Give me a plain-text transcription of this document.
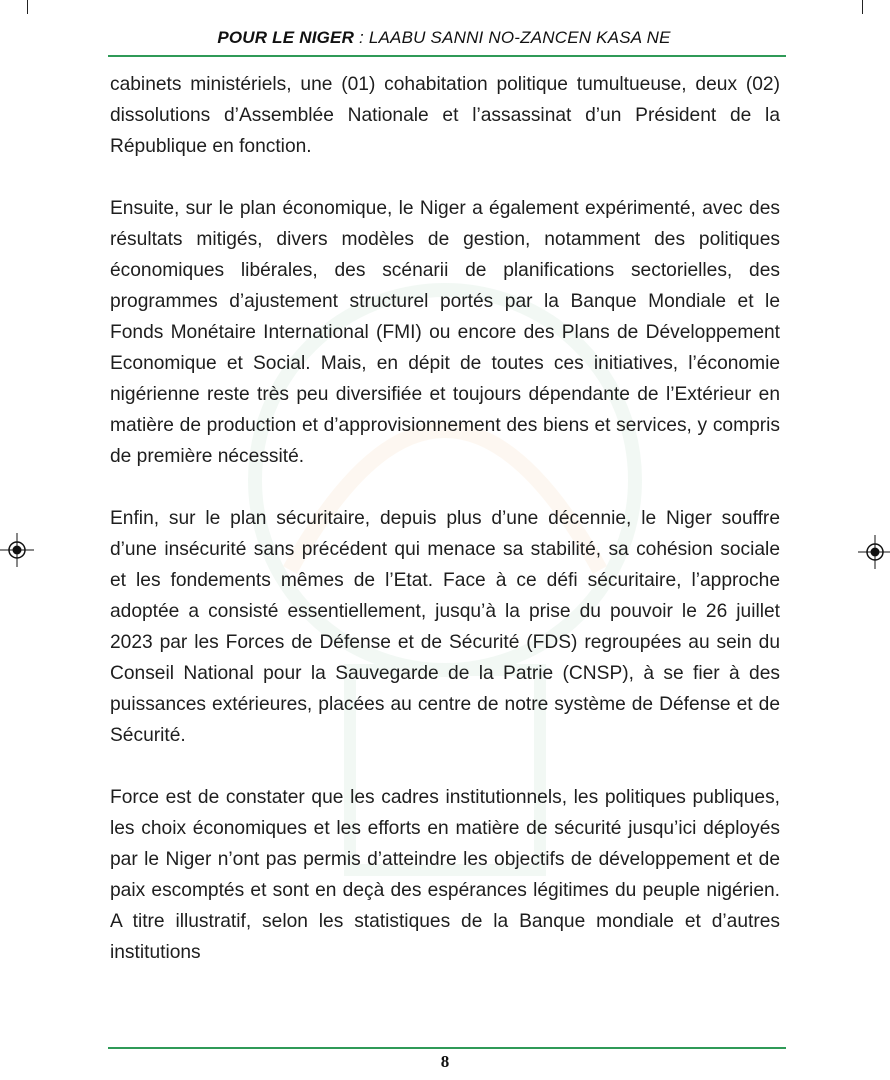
POUR LE NIGER : LAABU SANNI NO-ZANCEN KASA NE

cabinets ministériels, une (01) cohabitation politique tumultueuse, deux (02) dissolutions d’Assemblée Nationale et l’assassinat d’un Président de la République en fonction.

Ensuite, sur le plan économique, le Niger a également expérimenté, avec des résultats mitigés, divers modèles de gestion, notamment des politiques économiques libérales, des scénarii de planifications sectorielles, des programmes d’ajustement structurel portés par la Banque Mondiale et le Fonds Monétaire International (FMI) ou encore des Plans de Développement Economique et Social. Mais, en dépit de toutes ces initiatives, l’économie nigérienne reste très peu diversifiée et toujours dépendante de l’Extérieur en matière de production et d’approvisionnement des biens et services, y compris de première nécessité.

Enfin, sur le plan sécuritaire, depuis plus d’une décennie, le Niger souffre d’une insécurité sans précédent qui menace sa stabilité, sa cohésion sociale et les fondements mêmes de l’Etat. Face à ce défi sécuritaire, l’approche adoptée a consisté essentiellement, jusqu’à la prise du pouvoir le 26 juillet 2023 par les Forces de Défense et de Sécurité (FDS) regroupées au sein du Conseil National pour la Sauvegarde de la Patrie (CNSP), à se fier à des puissances extérieures, placées au centre de notre système de Défense et de Sécurité.

Force est de constater que les cadres institutionnels, les politiques publiques, les choix économiques et les efforts en matière de sécurité jusqu’ici déployés par le Niger n’ont pas permis d’atteindre les objectifs de développement et de paix escomptés et sont en deçà des espérances légitimes du peuple nigérien. A titre illustratif, selon les statistiques de la Banque mondiale et d’autres institutions

8
